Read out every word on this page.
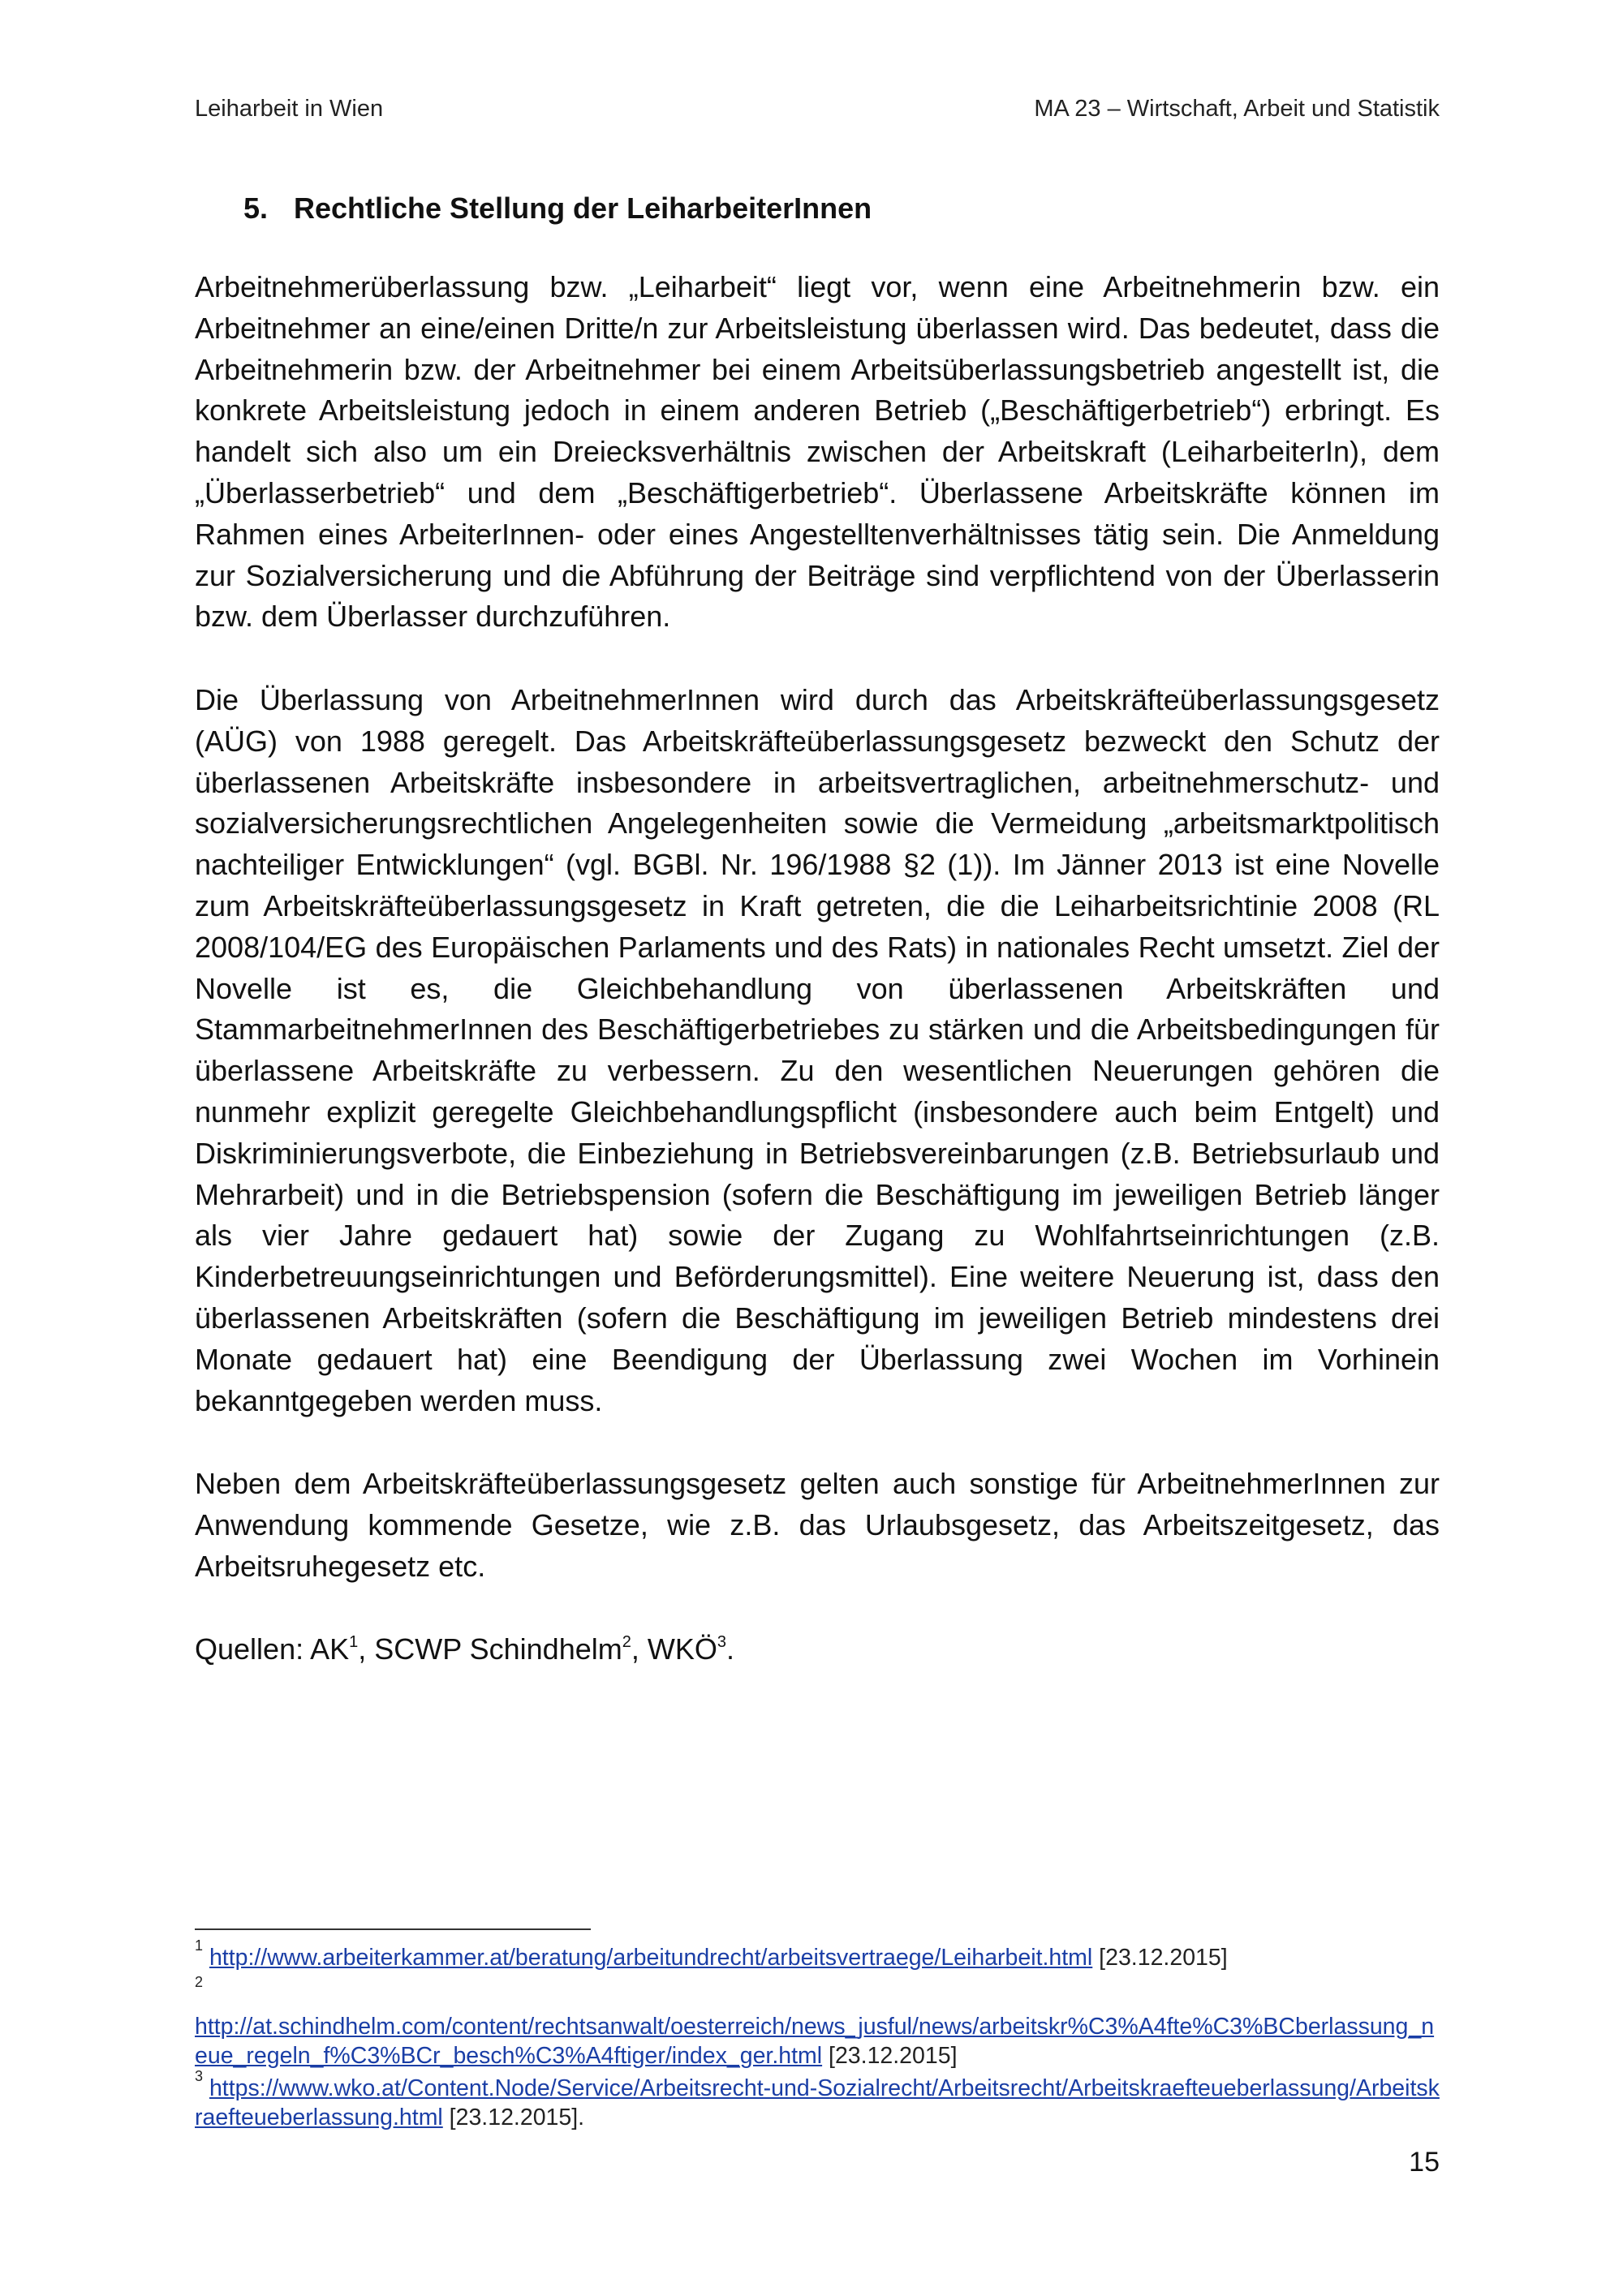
Leiharbeit in Wien	MA 23 – Wirtschaft, Arbeit und Statistik
5. Rechtliche Stellung der LeiharbeiterInnen

Arbeitnehmerüberlassung bzw. „Leiharbeit“ liegt vor, wenn eine Arbeitnehmerin bzw. ein Arbeitnehmer an eine/einen Dritte/n zur Arbeitsleistung überlassen wird. Das bedeutet, dass die Arbeitnehmerin bzw. der Arbeitnehmer bei einem Arbeitsüberlassungsbetrieb angestellt ist, die konkrete Arbeitsleistung jedoch in einem anderen Betrieb („Beschäftigerbetrieb“) erbringt. Es handelt sich also um ein Dreiecksverhältnis zwischen der Arbeitskraft (LeiharbeiterIn), dem „Überlasserbetrieb“ und dem „Beschäftigerbetrieb“. Überlassene Arbeitskräfte können im Rahmen eines ArbeiterInnen- oder eines Angestelltenverhältnisses tätig sein. Die Anmeldung zur Sozialversicherung und die Abführung der Beiträge sind verpflichtend von der Überlasserin bzw. dem Überlasser durchzuführen.

Die Überlassung von ArbeitnehmerInnen wird durch das Arbeitskräfteüberlassungsgesetz (AÜG) von 1988 geregelt. Das Arbeitskräfteüberlassungsgesetz bezweckt den Schutz der überlassenen Arbeitskräfte insbesondere in arbeitsvertraglichen, arbeitnehmerschutz- und sozialversicherungsrechtlichen Angelegenheiten sowie die Vermeidung „arbeitsmarktpolitisch nachteiliger Entwicklungen“ (vgl. BGBl. Nr. 196/1988 §2 (1)). Im Jänner 2013 ist eine Novelle zum Arbeitskräfteüberlassungsgesetz in Kraft getreten, die die Leiharbeitsrichtinie 2008 (RL 2008/104/EG des Europäischen Parlaments und des Rats) in nationales Recht umsetzt. Ziel der Novelle ist es, die Gleichbehandlung von überlassenen Arbeitskräften und StammarbeitnehmerInnen des Beschäftigerbetriebes zu stärken und die Arbeitsbedingungen für überlassene Arbeitskräfte zu verbessern. Zu den wesentlichen Neuerungen gehören die nunmehr explizit geregelte Gleichbehandlungspflicht (insbesondere auch beim Entgelt) und Diskriminierungsverbote, die Einbeziehung in Betriebsvereinbarungen (z.B. Betriebsurlaub und Mehrarbeit) und in die Betriebspension (sofern die Beschäftigung im jeweiligen Betrieb länger als vier Jahre gedauert hat) sowie der Zugang zu Wohlfahrtseinrichtungen (z.B. Kinderbetreuungseinrichtungen und Beförderungsmittel). Eine weitere Neuerung ist, dass den überlassenen Arbeitskräften (sofern die Beschäftigung im jeweiligen Betrieb mindestens drei Monate gedauert hat) eine Beendigung der Überlassung zwei Wochen im Vorhinein bekanntgegeben werden muss.

Neben dem Arbeitskräfteüberlassungsgesetz gelten auch sonstige für ArbeitnehmerInnen zur Anwendung kommende Gesetze, wie z.B. das Urlaubsgesetz, das Arbeitszeitgesetz, das Arbeitsruhegesetz etc.

Quellen: $AK^1$, SCWP Schindhelm$^2$, WKÖ$^3$.

$^1$ http://www.arbeiterkammer.at/beratung/arbeitundrecht/arbeitsvertraege/Leiharbeit.html [23.12.2015]
2
http://at.schindhelm.com/content/rechtsanwalt/oesterreich/news_jusful/news/arbeitskr%C3%A4fte%C3%BCberlassung_neue_regeln_f%C3%BCr_besch%C3%A4ftiger/index_ger.html [23.12.2015]
$^3$ https://www.wko.at/Content.Node/Service/Arbeitsrecht-und-Sozialrecht/Arbeitsrecht/Arbeitskraefteueberlassung/Arbeitskraefteueberlassung.html [23.12.2015].
15
